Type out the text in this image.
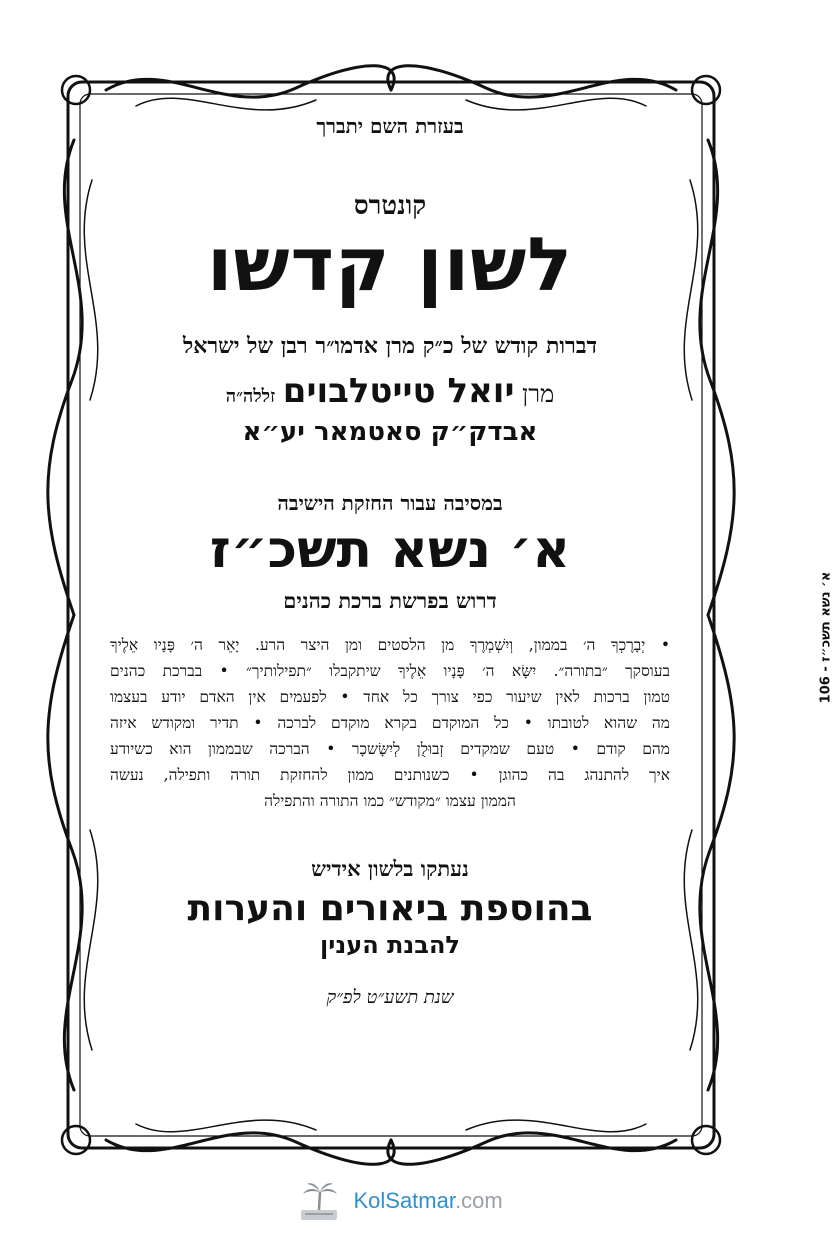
בעזרת השם יתברך
קונטרס
לשון קדשו
דברות קודש של כ״ק מרן אדמו״ר רבן של ישראל
מרן יואל טייטלבוים זללה״ה
אבדק״ק סאטמאר יע״א
במסיבה עבור החזקת הישיבה
א׳ נשא תשכ״ז
דרוש בפרשת ברכת כהנים
• יְבָרֶכְךָ ה׳ בממון, וְיִשְׁמְרֶךָ מן הלסטים ומן היצר הרע. יָאֵר ה׳ פָּנָיו אֵלֶיךָ
בעוסקך ״בתורה״. יִשָּׂא ה׳ פָּנָיו אֵלֶיךָ שיתקבלו ״תפילותיך״ • בברכת כהנים
טמון ברכות לאין שיעור כפי צורך כל אחד • לפעמים אין האדם יודע בעצמו
מה שהוא לטובתו • כל המוקדם בקרא מוקדם לברכה • תדיר ומקודש איזה
מהם קודם • טעם שמקדים זְבוּלֻן לְיִשָּׂשכָר • הברכה שבממון הוא כשיודע
איך להתנהג בה כהוגן • כשנותנים ממון להחזקת תורה ותפילה, נעשה
הממון עצמו ״מקודש״ כמו התורה והתפילה
נעתקו בלשון אידיש
בהוספת ביאורים והערות
להבנת הענין
שנת תשע״ט לפ״ק
א׳ נשא תשכ״ז - 106
KolSatmar.com
